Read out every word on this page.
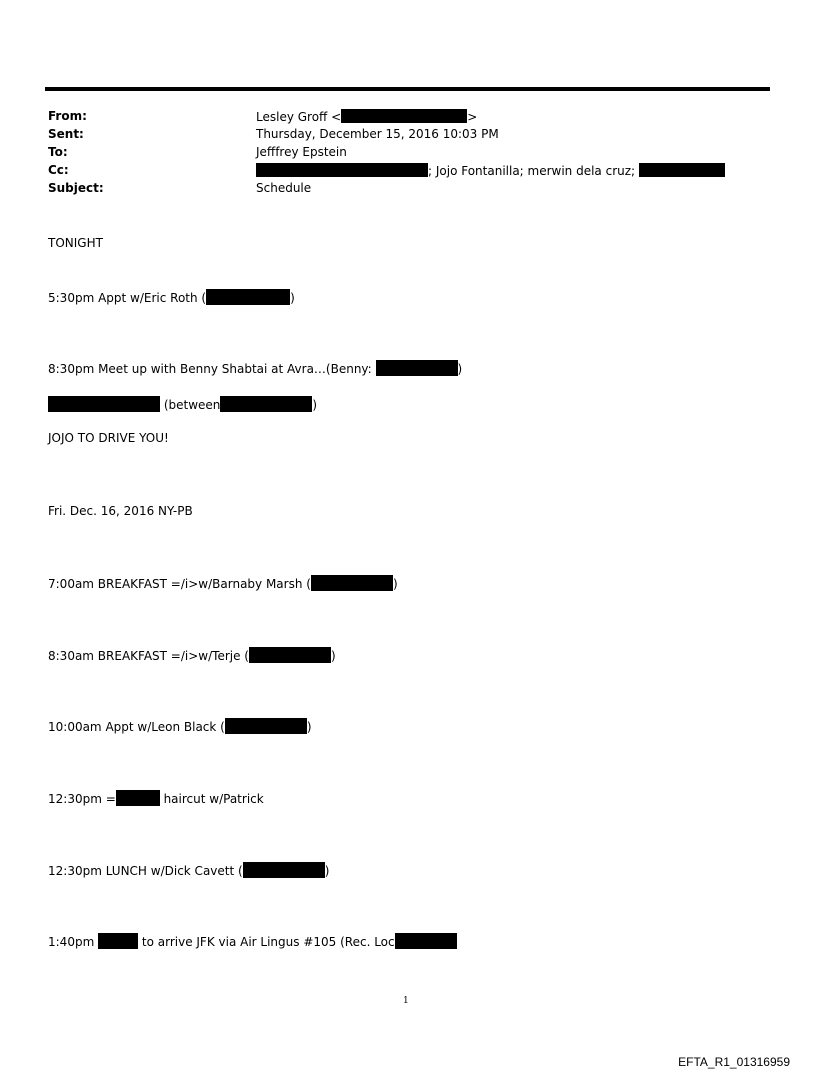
From:	Lesley Groff <	>
Sent:	Thursday, December 15, 2016 10:03 PM
To:	Jefffrey Epstein
Cc:	; Jojo Fontanilla; merwin dela cruz;
Subject:	Schedule
TONIGHT
5:30pm Appt w/Eric Roth (	)
8:30pm Meet up with Benny Shabtai at Avra…(Benny:	)
(between	)
JOJO TO DRIVE YOU!
Fri. Dec. 16, 2016 NY-PB
7:00am BREAKFAST =/i>w/Barnaby Marsh (	)
8:30am BREAKFAST =/i>w/Terje (	)
10:00am Appt w/Leon Black (	)
12:30pm =	haircut w/Patrick
12:30pm LUNCH w/Dick Cavett (	)
1:40pm	to arrive JFK via Air Lingus #105 (Rec. Loc
1
EFTA_R1_01316959
